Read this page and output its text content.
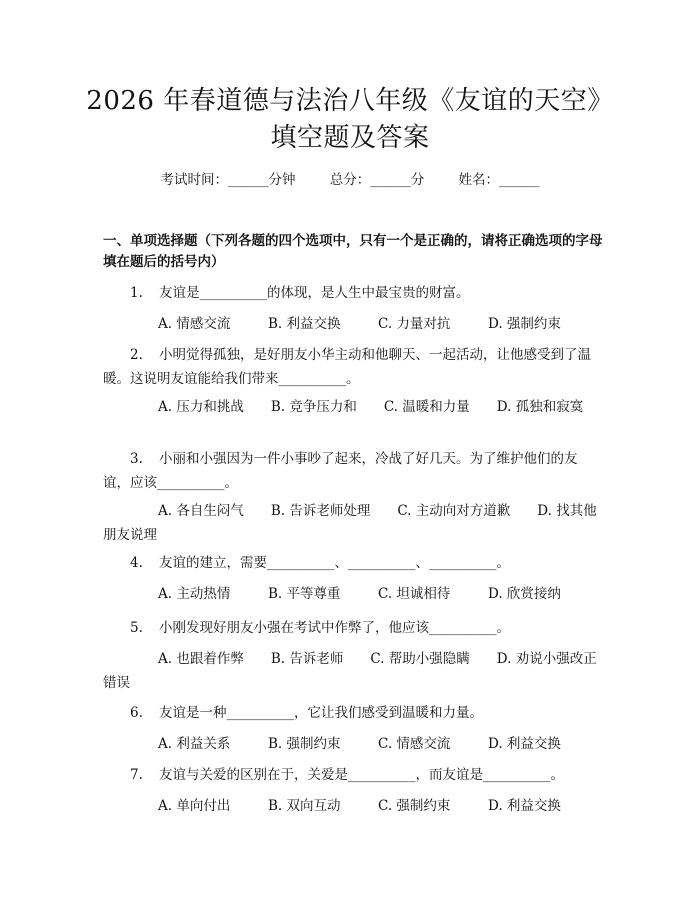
2026 年春道德与法治八年级《友谊的天空》
填空题及答案
考试时间：______分钟	总分：______分	姓名：______
一、单项选择题（下列各题的四个选项中，只有一个是正确的，请将正确选项的字母填在题后的括号内）
1. 友谊是__________的体现，是人生中最宝贵的财富。
A. 情感交流	B. 利益交换	C. 力量对抗	D. 强制约束
2. 小明觉得孤独，是好朋友小华主动和他聊天、一起活动，让他感受到了温暖。这说明友谊能给我们带来__________。
A. 压力和挑战　　B. 竞争压力和　　C. 温暖和力量　　D. 孤独和寂寞
3. 小丽和小强因为一件小事吵了起来，冷战了好几天。为了维护他们的友谊，应该__________。
A. 各自生闷气　　B. 告诉老师处理　　C. 主动向对方道歉　　D. 找其他朋友说理
4. 友谊的建立，需要__________、__________、__________。
A. 主动热情	B. 平等尊重	C. 坦诚相待	D. 欣赏接纳
5. 小刚发现好朋友小强在考试中作弊了，他应该__________。
A. 也跟着作弊　　B. 告诉老师　　C. 帮助小强隐瞒　　D. 劝说小强改正错误
6. 友谊是一种__________，它让我们感受到温暖和力量。
A. 利益关系	B. 强制约束	C. 情感交流	D. 利益交换
7. 友谊与关爱的区别在于，关爱是__________，而友谊是__________。
A. 单向付出	B. 双向互动	C. 强制约束	D. 利益交换
